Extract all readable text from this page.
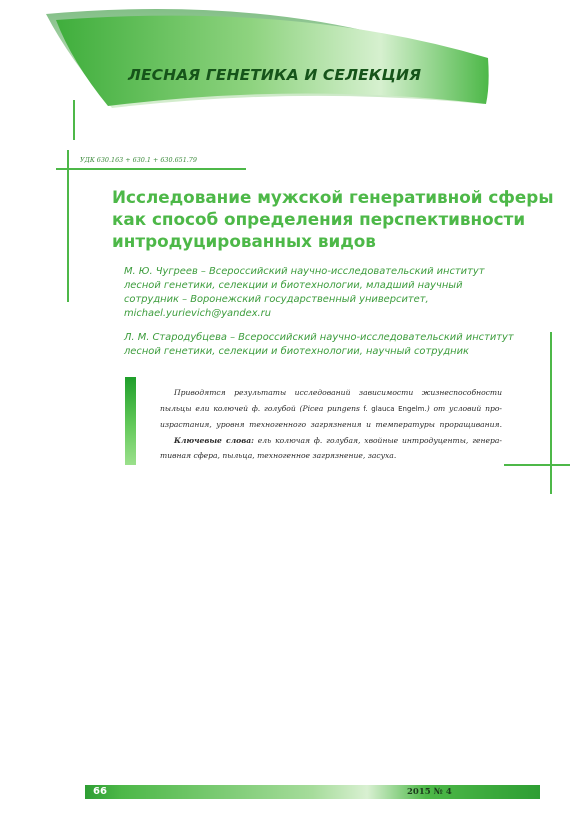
ЛЕСНАЯ ГЕНЕТИКА И СЕЛЕКЦИЯ
УДК 630.163 + 630.1 + 630.651.79
Исследование мужской генеративной сферы
как способ определения перспективности
интродуцированных видов
М. Ю. Чугреев – Всероссийский научно-исследовательский институт
лесной генетики, селекции и биотехнологии, младший научный
сотрудник – Воронежский государственный университет,
michael.yurievich@yandex.ru
Л. М. Стародубцева – Всероссийский научно-исследовательский институт
лесной генетики, селекции и биотехнологии, научный сотрудник
Приводятся результаты исследований зависимости жизнеспособности
пыльцы ели колючей ф. голубой (Picea pungens f. glauca Engelm.) от условий про-
израстания, уровня техногенного загрязнения и температуры проращивания.
Ключевые слова: ель колючая ф. голубая, хвойные интродуценты, генера-
тивная сфера, пыльца, техногенное загрязнение, засуха.
66	2015 № 4
